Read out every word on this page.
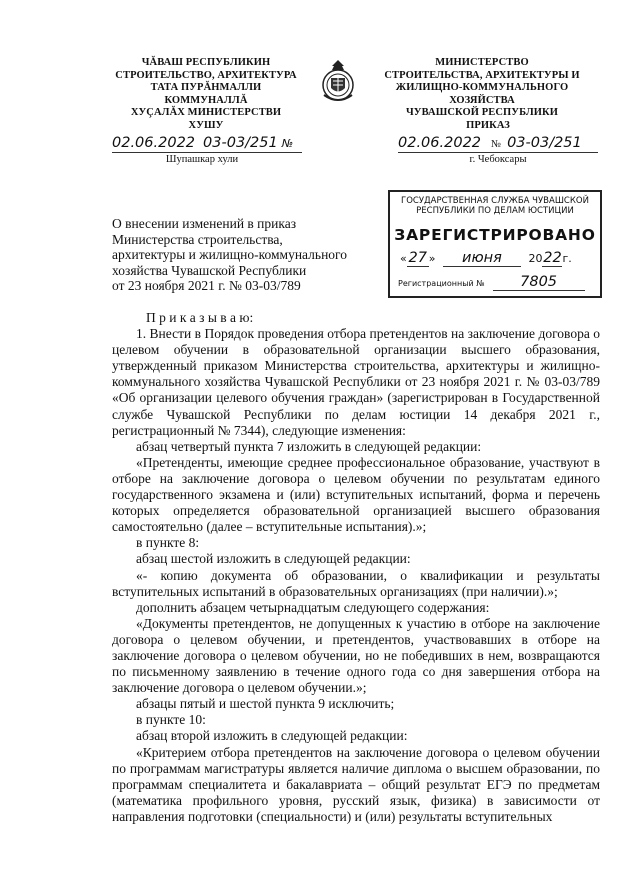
ЧĂВАШ РЕСПУБЛИКИН
СТРОИТЕЛЬСТВО, АРХИТЕКТУРА
ТАТА ПУРĂНМАЛЛИ КОММУНАЛЛĂ
ХУÇАЛĂХ МИНИСТЕРСТВИ
МИНИСТЕРСТВО
СТРОИТЕЛЬСТВА, АРХИТЕКТУРЫ И
ЖИЛИЩНО-КОММУНАЛЬНОГО ХОЗЯЙСТВА
ЧУВАШСКОЙ РЕСПУБЛИКИ
ХУШУ	ПРИКАЗ
02.06.2022 03-03/251 №	02.06.2022 № 03-03/251
Шупашкар хули	г. Чебоксары
О внесении изменений в приказ
Министерства строительства,
архитектуры и жилищно-коммунального
хозяйства Чувашской Республики
от 23 ноября 2021 г. № 03-03/789
ГОСУДАРСТВЕННАЯ СЛУЖБА ЧУВАШСКОЙ
РЕСПУБЛИКИ ПО ДЕЛАМ ЮСТИЦИИ
ЗАРЕГИСТРИРОВАНО
« 27 » июня 2022г.
Регистрационный № 7805
П р и к а з ы в а ю:
1. Внести в Порядок проведения отбора претендентов на заключение договора о целевом обучении в образовательной организации высшего образования, утвержденный приказом Министерства строительства, архитектуры и жилищно-коммунального хозяйства Чувашской Республики от 23 ноября 2021 г. № 03-03/789 «Об организации целевого обучения граждан» (зарегистрирован в Государственной службе Чувашской Республики по делам юстиции 14 декабря 2021 г., регистрационный № 7344), следующие изменения:
абзац четвертый пункта 7 изложить в следующей редакции:
«Претенденты, имеющие среднее профессиональное образование, участвуют в отборе на заключение договора о целевом обучении по результатам единого государственного экзамена и (или) вступительных испытаний, форма и перечень которых определяется образовательной организацией высшего образования самостоятельно (далее – вступительные испытания).»;
в пункте 8:
абзац шестой изложить в следующей редакции:
«- копию документа об образовании, о квалификации и результаты вступительных испытаний в образовательных организациях (при наличии).»;
дополнить абзацем четырнадцатым следующего содержания:
«Документы претендентов, не допущенных к участию в отборе на заключение договора о целевом обучении, и претендентов, участвовавших в отборе на заключение договора о целевом обучении, но не победивших в нем, возвращаются по письменному заявлению в течение одного года со дня завершения отбора на заключение договора о целевом обучении.»;
абзацы пятый и шестой пункта 9 исключить;
в пункте 10:
абзац второй изложить в следующей редакции:
«Критерием отбора претендентов на заключение договора о целевом обучении по программам магистратуры является наличие диплома о высшем образовании, по программам специалитета и бакалавриата – общий результат ЕГЭ по предметам (математика профильного уровня, русский язык, физика) в зависимости от направления подготовки (специальности) и (или) результаты вступительных
